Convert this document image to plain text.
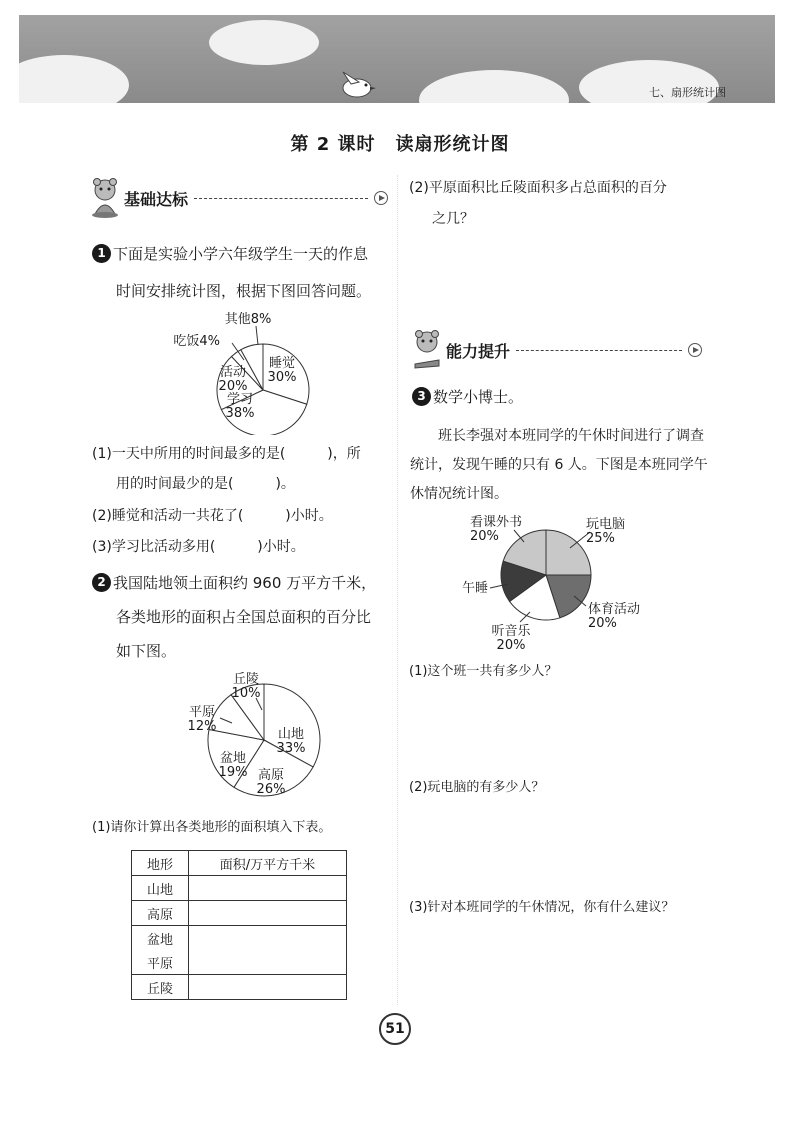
七、扇形统计图
第 2 课时 读扇形统计图
基础达标
1 下面是实验小学六年级学生一天的作息
时间安排统计图，根据下图回答问题。
睡觉
30%
学习
38%
活动
20%
吃饭4%
其他8%
(1)一天中所用的时间最多的是(　　　)，所
用的时间最少的是(　　　)。
(2)睡觉和活动一共花了(　　　)小时。
(3)学习比活动多用(　　　)小时。
2 我国陆地领土面积约 960 万平方千米，
各类地形的面积占全国总面积的百分比
如下图。
山地
33%
高原
26%
盆地
19%
平原
12%
丘陵
10%
(1)请你计算出各类地形的面积填入下表。
地形	面积/万平方千米
山地	
高原	
盆地	
平原	
丘陵	
(2)平原面积比丘陵面积多占总面积的百分
之几？
能力提升
3 数学小博士。
班长李强对本班同学的午休时间进行了调查统计，发现午睡的只有 6 人。下图是本班同学午休情况统计图。
玩电脑
25%
体育活动
20%
听音乐
20%
午睡
看课外书
20%
(1)这个班一共有多少人？
(2)玩电脑的有多少人？
(3)针对本班同学的午休情况，你有什么建议？
51
